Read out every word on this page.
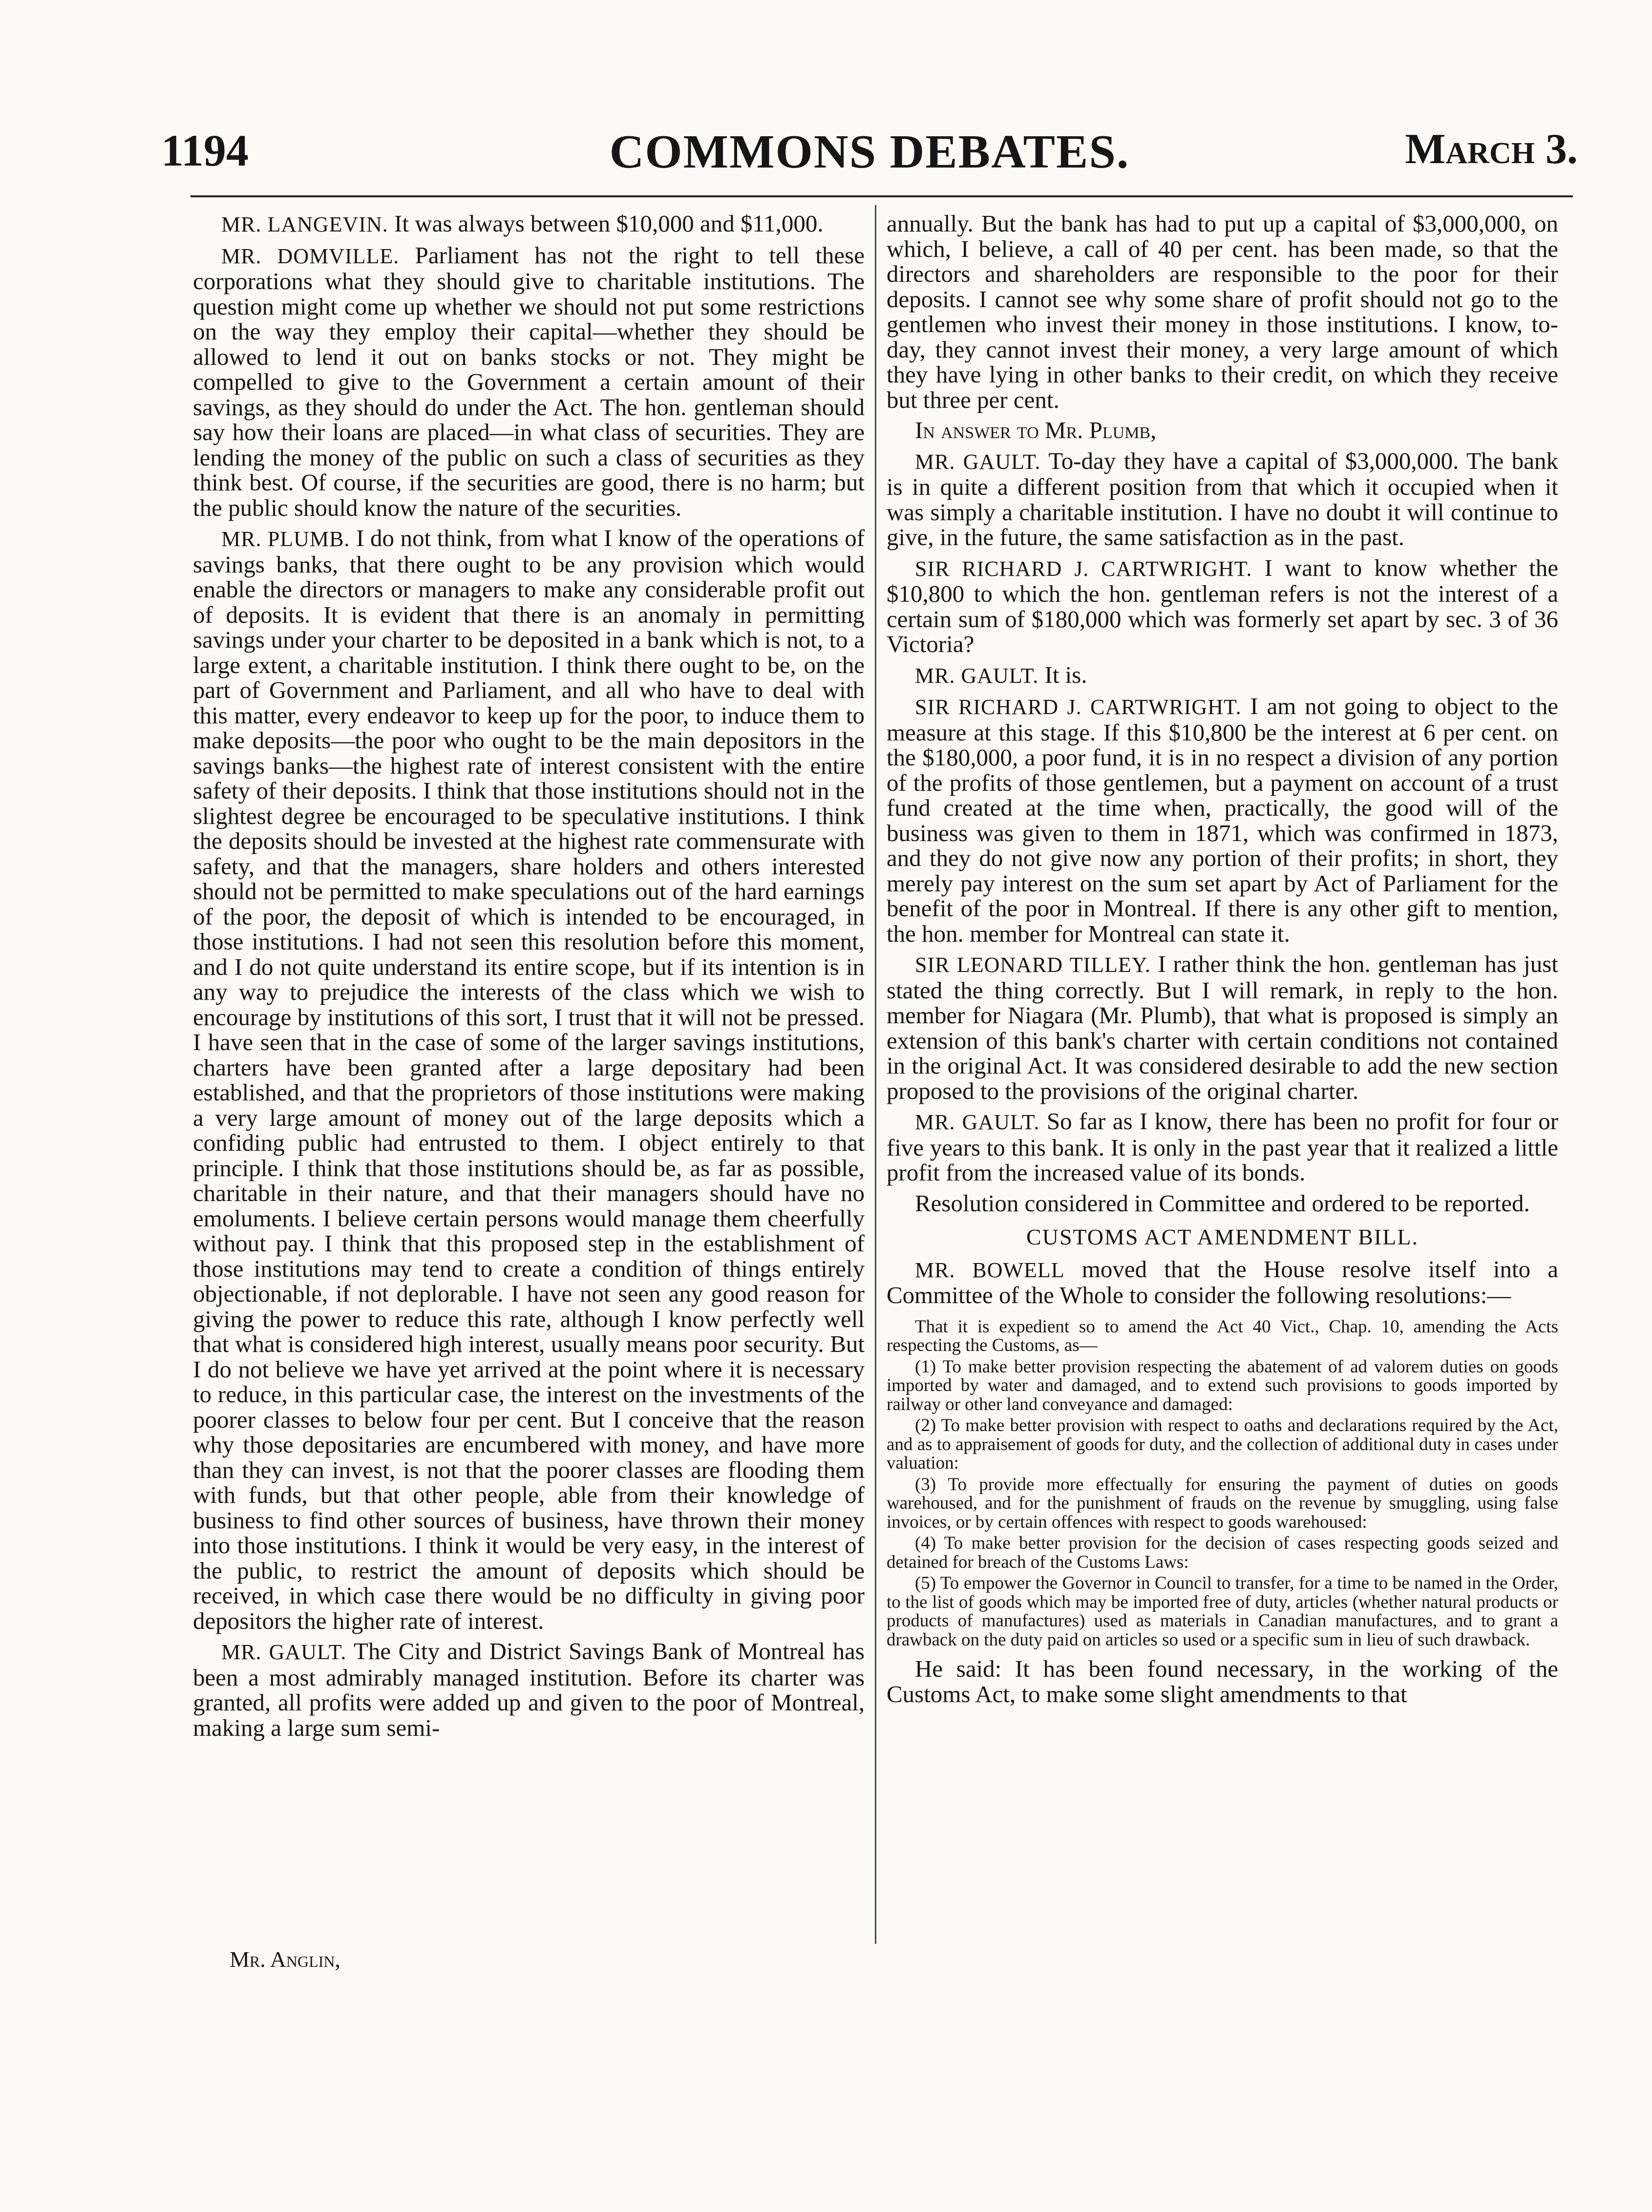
COMMONS DEBATES.
1194	March 3.

MR. LANGEVIN. It was always between $10,000 and $11,000.

MR. DOMVILLE. Parliament has not the right to tell these corporations what they should give to charitable institutions. The question might come up whether we should not put some restrictions on the way they employ their capital—whether they should be allowed to lend it out on banks stocks or not. They might be compelled to give to the Government a certain amount of their savings, as they should do under the Act. The hon. gentleman should say how their loans are placed—in what class of securities. They are lending the money of the public on such a class of securities as they think best. Of course, if the securities are good, there is no harm; but the public should know the nature of the securities.

MR. PLUMB. I do not think, from what I know of the operations of savings banks, that there ought to be any provision which would enable the directors or managers to make any considerable profit out of deposits. It is evident that there is an anomaly in permitting savings under your charter to be deposited in a bank which is not, to a large extent, a charitable institution. I think there ought to be, on the part of Government and Parliament, and all who have to deal with this matter, every endeavor to keep up for the poor, to induce them to make deposits—the poor who ought to be the main depositors in the savings banks—the highest rate of interest consistent with the entire safety of their deposits. I think that those institutions should not in the slightest degree be encouraged to be speculative institutions. I think the deposits should be invested at the highest rate commensurate with safety, and that the managers, share holders and others interested should not be permitted to make speculations out of the hard earnings of the poor, the deposit of which is intended to be encouraged, in those institutions. I had not seen this resolution before this moment, and I do not quite understand its entire scope, but if its intention is in any way to prejudice the interests of the class which we wish to encourage by institutions of this sort, I trust that it will not be pressed. I have seen that in the case of some of the larger savings institutions, charters have been granted after a large depositary had been established, and that the proprietors of those institutions were making a very large amount of money out of the large deposits which a confiding public had entrusted to them. I object entirely to that principle. I think that those institutions should be, as far as possible, charitable in their nature, and that their managers should have no emoluments. I believe certain persons would manage them cheerfully without pay. I think that this proposed step in the establishment of those institutions may tend to create a condition of things entirely objectionable, if not deplorable. I have not seen any good reason for giving the power to reduce this rate, although I know perfectly well that what is considered high interest, usually means poor security. But I do not believe we have yet arrived at the point where it is necessary to reduce, in this particular case, the interest on the investments of the poorer classes to below four per cent. But I conceive that the reason why those depositaries are encumbered with money, and have more than they can invest, is not that the poorer classes are flooding them with funds, but that other people, able from their knowledge of business to find other sources of business, have thrown their money into those institutions. I think it would be very easy, in the interest of the public, to restrict the amount of deposits which should be received, in which case there would be no difficulty in giving poor depositors the higher rate of interest.

MR. GAULT. The City and District Savings Bank of Montreal has been a most admirably managed institution. Before its charter was granted, all profits were added up and given to the poor of Montreal, making a large sum semi-

annually. But the bank has had to put up a capital of $3,000,000, on which, I believe, a call of 40 per cent. has been made, so that the directors and shareholders are responsible to the poor for their deposits. I cannot see why some share of profit should not go to the gentlemen who invest their money in those institutions. I know, to-day, they cannot invest their money, a very large amount of which they have lying in other banks to their credit, on which they receive but three per cent.

In answer to Mr. Plumb,

MR. GAULT. To-day they have a capital of $3,000,000. The bank is in quite a different position from that which it occupied when it was simply a charitable institution. I have no doubt it will continue to give, in the future, the same satisfaction as in the past.

SIR RICHARD J. CARTWRIGHT. I want to know whether the $10,800 to which the hon. gentleman refers is not the interest of a certain sum of $180,000 which was formerly set apart by sec. 3 of 36 Victoria?

MR. GAULT. It is.

SIR RICHARD J. CARTWRIGHT. I am not going to object to the measure at this stage. If this $10,800 be the interest at 6 per cent. on the $180,000, a poor fund, it is in no respect a division of any portion of the profits of those gentlemen, but a payment on account of a trust fund created at the time when, practically, the good will of the business was given to them in 1871, which was confirmed in 1873, and they do not give now any portion of their profits; in short, they merely pay interest on the sum set apart by Act of Parliament for the benefit of the poor in Montreal. If there is any other gift to mention, the hon. member for Montreal can state it.

SIR LEONARD TILLEY. I rather think the hon. gentleman has just stated the thing correctly. But I will remark, in reply to the hon. member for Niagara (Mr. Plumb), that what is proposed is simply an extension of this bank's charter with certain conditions not contained in the original Act. It was considered desirable to add the new section proposed to the provisions of the original charter.

MR. GAULT. So far as I know, there has been no profit for four or five years to this bank. It is only in the past year that it realized a little profit from the increased value of its bonds.

Resolution considered in Committee and ordered to be reported.

CUSTOMS ACT AMENDMENT BILL.

MR. BOWELL moved that the House resolve itself into a Committee of the Whole to consider the following resolutions:—

That it is expedient so to amend the Act 40 Vict., Chap. 10, amending the Acts respecting the Customs, as—

(1) To make better provision respecting the abatement of ad valorem duties on goods imported by water and damaged, and to extend such provisions to goods imported by railway or other land conveyance and damaged:

(2) To make better provision with respect to oaths and declarations required by the Act, and as to appraisement of goods for duty, and the collection of additional duty in cases under valuation:

(3) To provide more effectually for ensuring the payment of duties on goods warehoused, and for the punishment of frauds on the revenue by smuggling, using false invoices, or by certain offences with respect to goods warehoused:

(4) To make better provision for the decision of cases respecting goods seized and detained for breach of the Customs Laws:

(5) To empower the Governor in Council to transfer, for a time to be named in the Order, to the list of goods which may be imported free of duty, articles (whether natural products or products of manufactures) used as materials in Canadian manufactures, and to grant a drawback on the duty paid on articles so used or a specific sum in lieu of such drawback.

He said: It has been found necessary, in the working of the Customs Act, to make some slight amendments to that

Mr. Anglin,
